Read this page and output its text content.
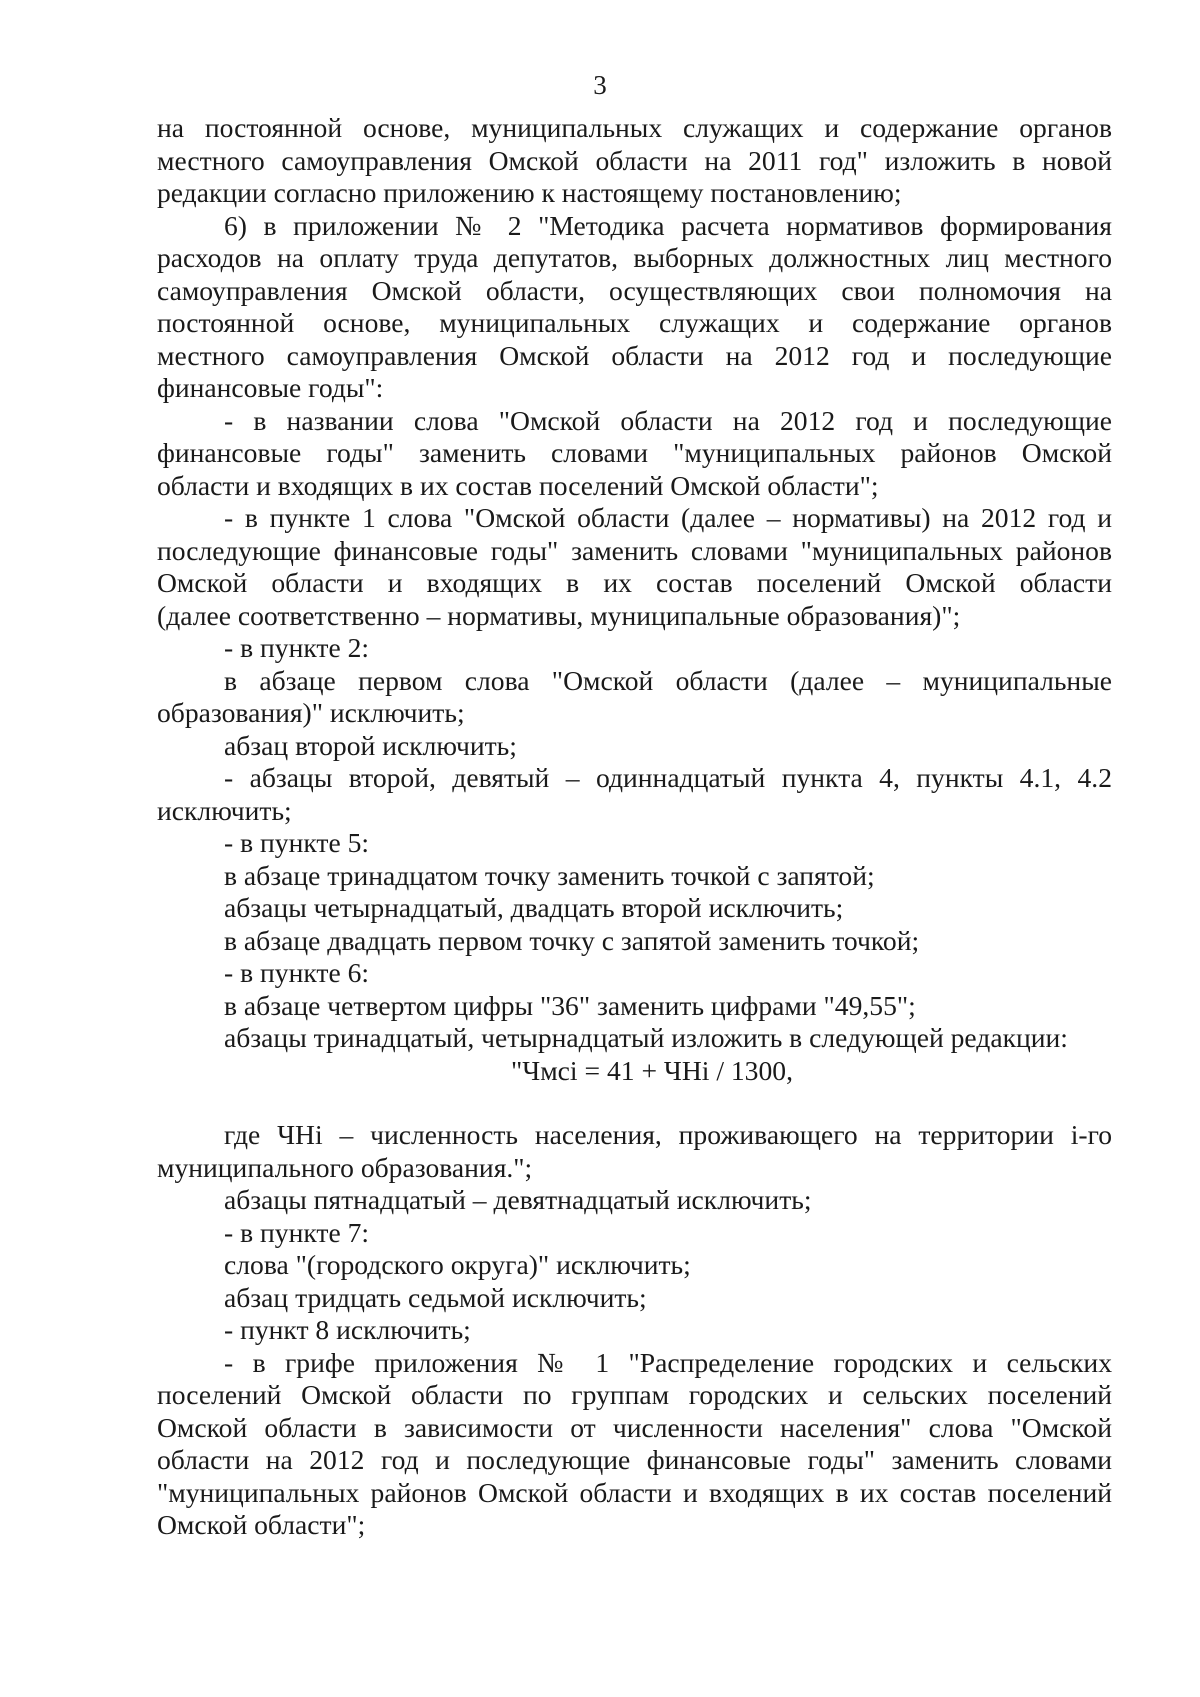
3
на постоянной основе, муниципальных служащих и содержание органов
местного самоуправления Омской области на 2011 год" изложить в новой
редакции согласно приложению к настоящему постановлению;
6) в приложении № 2 "Методика расчета нормативов формирования
расходов на оплату труда депутатов, выборных должностных лиц местного
самоуправления Омской области, осуществляющих свои полномочия на
постоянной основе, муниципальных служащих и содержание органов
местного самоуправления Омской области на 2012 год и последующие
финансовые годы":
- в названии слова "Омской области на 2012 год и последующие
финансовые годы" заменить словами "муниципальных районов Омской
области и входящих в их состав поселений Омской области";
- в пункте 1 слова "Омской области (далее – нормативы) на 2012 год и
последующие финансовые годы" заменить словами "муниципальных районов
Омской области и входящих в их состав поселений Омской области
(далее соответственно – нормативы, муниципальные образования)";
- в пункте 2:
в абзаце первом слова "Омской области (далее – муниципальные
образования)" исключить;
абзац второй исключить;
- абзацы второй, девятый – одиннадцатый пункта 4, пункты 4.1, 4.2
исключить;
- в пункте 5:
в абзаце тринадцатом точку заменить точкой с запятой;
абзацы четырнадцатый, двадцать второй исключить;
в абзаце двадцать первом точку с запятой заменить точкой;
- в пункте 6:
в абзаце четвертом цифры "36" заменить цифрами "49,55";
абзацы тринадцатый, четырнадцатый изложить в следующей редакции:
"Чмсi = 41 + ЧНi / 1300,
где ЧНi – численность населения, проживающего на территории i-го
муниципального образования.";
абзацы пятнадцатый – девятнадцатый исключить;
- в пункте 7:
слова "(городского округа)" исключить;
абзац тридцать седьмой исключить;
- пункт 8 исключить;
- в грифе приложения № 1 "Распределение городских и сельских
поселений Омской области по группам городских и сельских поселений
Омской области в зависимости от численности населения" слова "Омской
области на 2012 год и последующие финансовые годы" заменить словами
"муниципальных районов Омской области и входящих в их состав поселений
Омской области";
